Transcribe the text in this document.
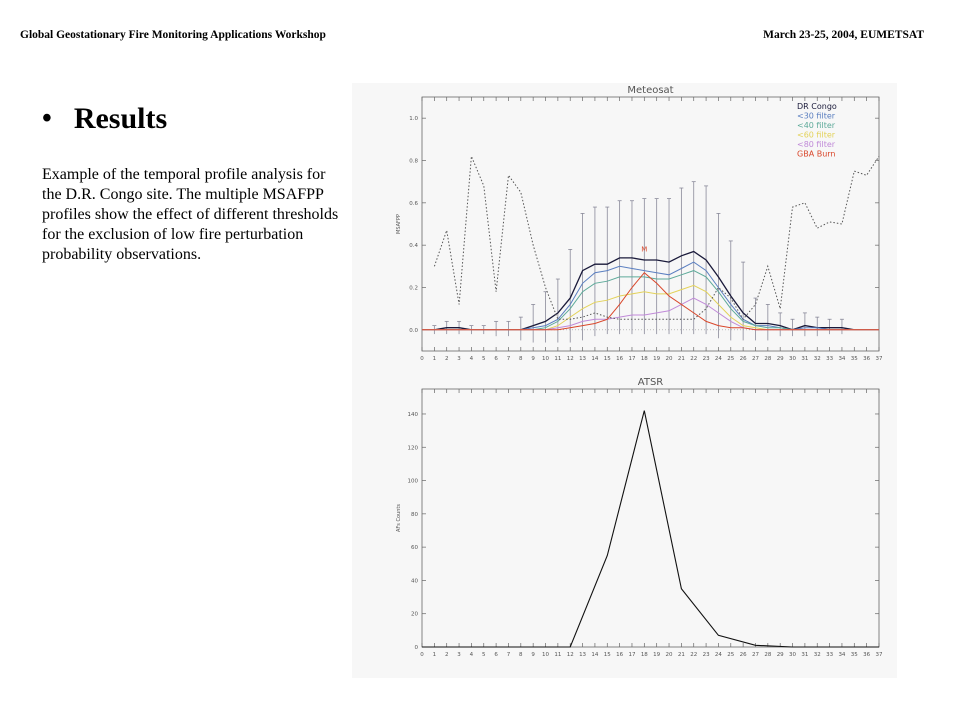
Global Geostationary Fire Monitoring Applications Workshop	March 23-25, 2004, EUMETSAT
• Results
Example of the temporal profile analysis for the D.R. Congo site. The multiple MSAFPP profiles show the effect of different thresholds for the exclusion of low fire perturbation probability observations.
Meteosat
MSAFPP
0.0
0.2
0.4
0.6
0.8
1.0
0 1 2 3 4 5 6 7 8 9 10 11 12 13 14 15 16 17 18 19 20 21 22 23 24 25 26 27 28 29 30 31 32 33 34 35 36 37
M
DR Congo
<30 filter
<40 filter
<60 filter
<80 filter
GBA Burn
ATSR
AFs Counts
0
20
40
60
80
100
120
140
0 1 2 3 4 5 6 7 8 9 10 11 12 13 14 15 16 17 18 19 20 21 22 23 24 25 26 27 28 29 30 31 32 33 34 35 36 37
